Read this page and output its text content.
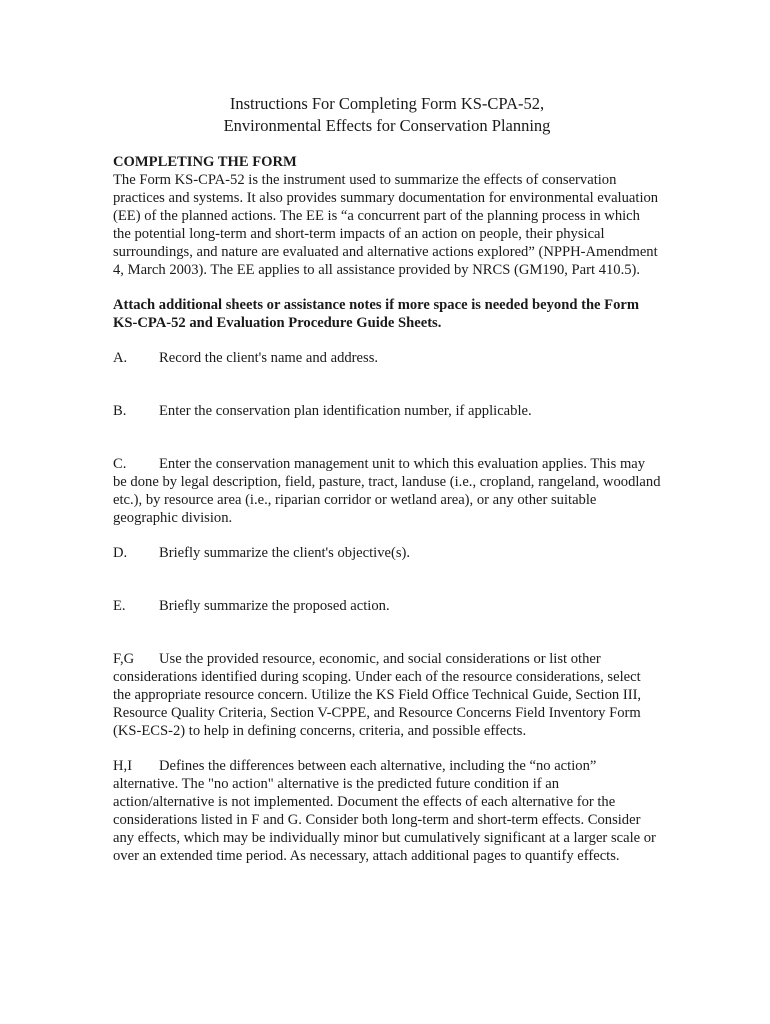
Instructions For Completing Form KS-CPA-52,
Environmental Effects for Conservation Planning
COMPLETING THE FORM

The Form KS-CPA-52 is the instrument used to summarize the effects of conservation practices and systems. It also provides summary documentation for environmental evaluation (EE) of the planned actions. The EE is “a concurrent part of the planning process in which the potential long-term and short-term impacts of an action on people, their physical surroundings, and nature are evaluated and alternative actions explored” (NPPH-Amendment 4, March 2003). The EE applies to all assistance provided by NRCS (GM190, Part 410.5).

Attach additional sheets or assistance notes if more space is needed beyond the Form KS-CPA-52 and Evaluation Procedure Guide Sheets.

A. Record the client's name and address.
B. Enter the conservation plan identification number, if applicable.
C. Enter the conservation management unit to which this evaluation applies. This may be done by legal description, field, pasture, tract, landuse (i.e., cropland, rangeland, woodland etc.), by resource area (i.e., riparian corridor or wetland area), or any other suitable geographic division.
D. Briefly summarize the client's objective(s).
E. Briefly summarize the proposed action.
F,G Use the provided resource, economic, and social considerations or list other considerations identified during scoping. Under each of the resource considerations, select the appropriate resource concern. Utilize the KS Field Office Technical Guide, Section III, Resource Quality Criteria, Section V-CPPE, and Resource Concerns Field Inventory Form (KS-ECS-2) to help in defining concerns, criteria, and possible effects.
H,I Defines the differences between each alternative, including the “no action” alternative. The "no action" alternative is the predicted future condition if an action/alternative is not implemented. Document the effects of each alternative for the considerations listed in F and G. Consider both long-term and short-term effects. Consider any effects, which may be individually minor but cumulatively significant at a larger scale or over an extended time period. As necessary, attach additional pages to quantify effects.
